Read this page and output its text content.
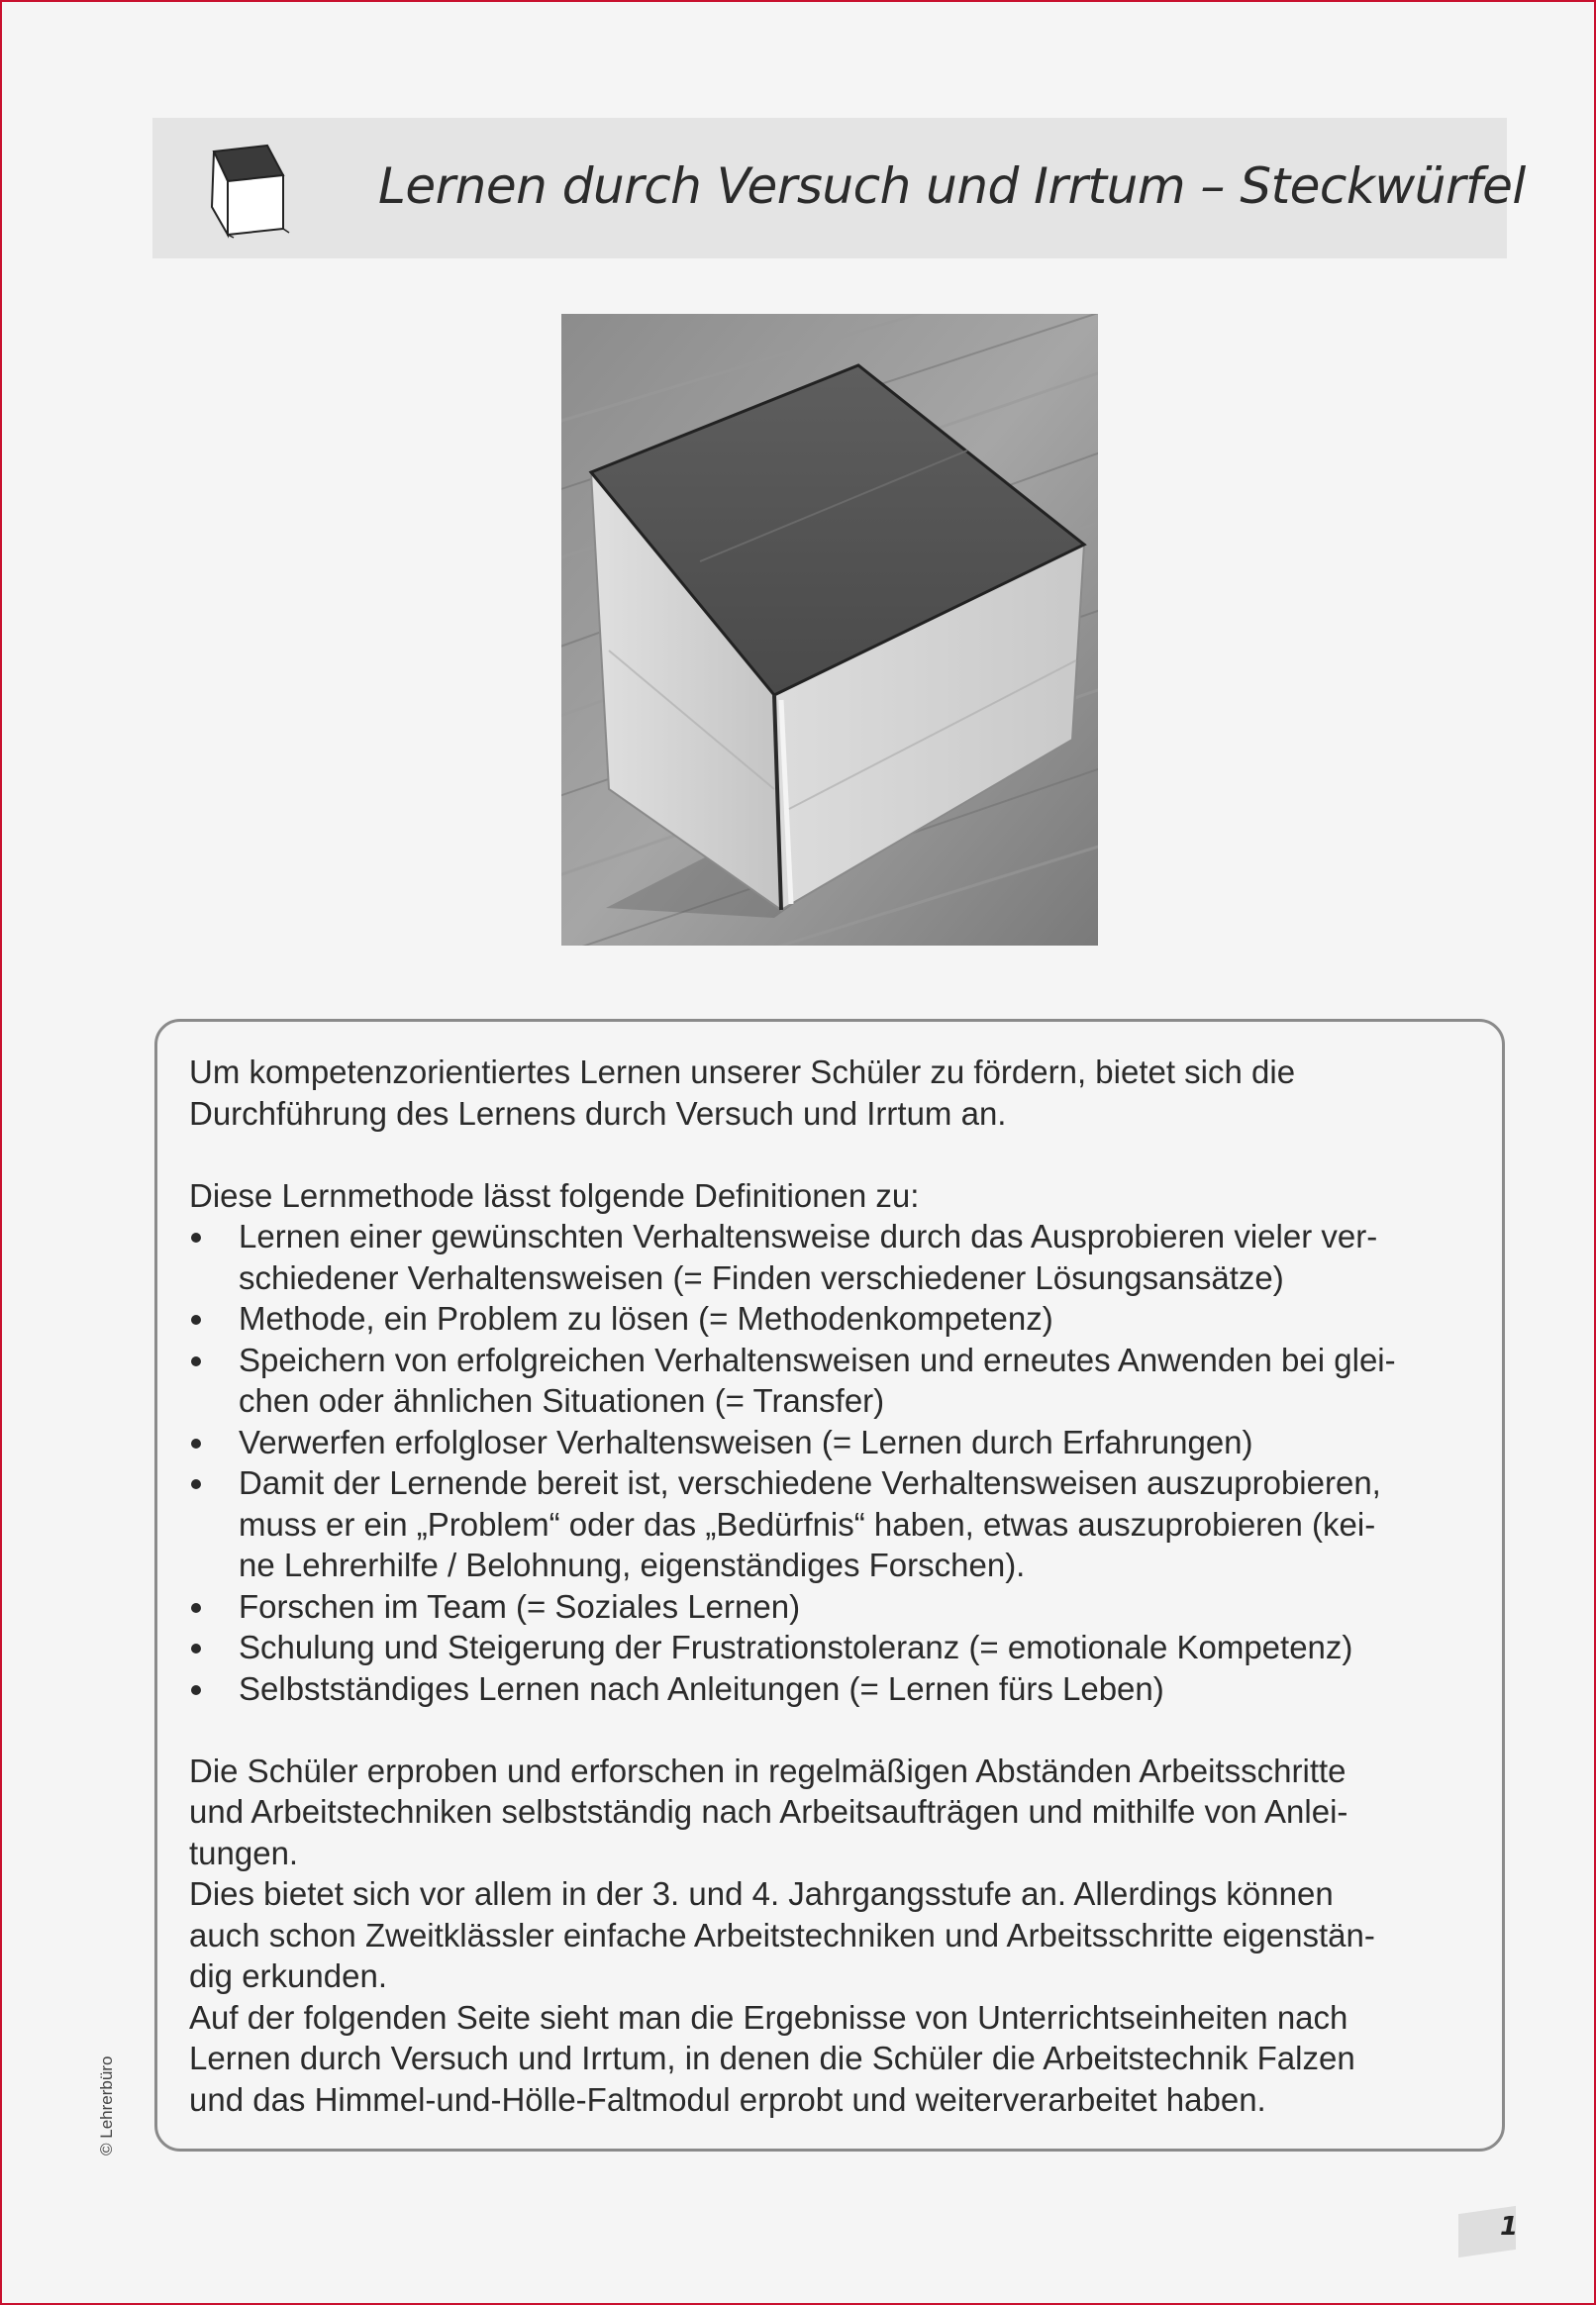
Lernen durch Versuch und Irrtum – Steckwürfel

Um kompetenzorientiertes Lernen unserer Schüler zu fördern, bietet sich die

Durchführung des Lernens durch Versuch und Irrtum an.

Diese Lernmethode lässt folgende Definitionen zu:

Lernen einer gewünschten Verhaltensweise durch das Ausprobieren vieler ver-
schiedener Verhaltensweisen (= Finden verschiedener Lösungsansätze)
Methode, ein Problem zu lösen (= Methodenkompetenz)
Speichern von erfolgreichen Verhaltensweisen und erneutes Anwenden bei glei-
chen oder ähnlichen Situationen (= Transfer)
Verwerfen erfolgloser Verhaltensweisen (= Lernen durch Erfahrungen)
Damit der Lernende bereit ist, verschiedene Verhaltensweisen auszuprobieren,
muss er ein „Problem“ oder das „Bedürfnis“ haben, etwas auszuprobieren (kei-
ne Lehrerhilfe / Belohnung, eigenständiges Forschen).
Forschen im Team (= Soziales Lernen)
Schulung und Steigerung der Frustrationstoleranz (= emotionale Kompetenz)
Selbstständiges Lernen nach Anleitungen (= Lernen fürs Leben)

Die Schüler erproben und erforschen in regelmäßigen Abständen Arbeitsschritte

und Arbeitstechniken selbstständig nach Arbeitsaufträgen und mithilfe von Anlei-

tungen.

Dies bietet sich vor allem in der 3. und 4. Jahrgangsstufe an. Allerdings können

auch schon Zweitklässler einfache Arbeitstechniken und Arbeitsschritte eigenstän-

dig erkunden.

Auf der folgenden Seite sieht man die Ergebnisse von Unterrichtseinheiten nach

Lernen durch Versuch und Irrtum, in denen die Schüler die Arbeitstechnik Falzen

und das Himmel-und-Hölle-Faltmodul erprobt und weiterverarbeitet haben.

© Lehrerbüro
1
